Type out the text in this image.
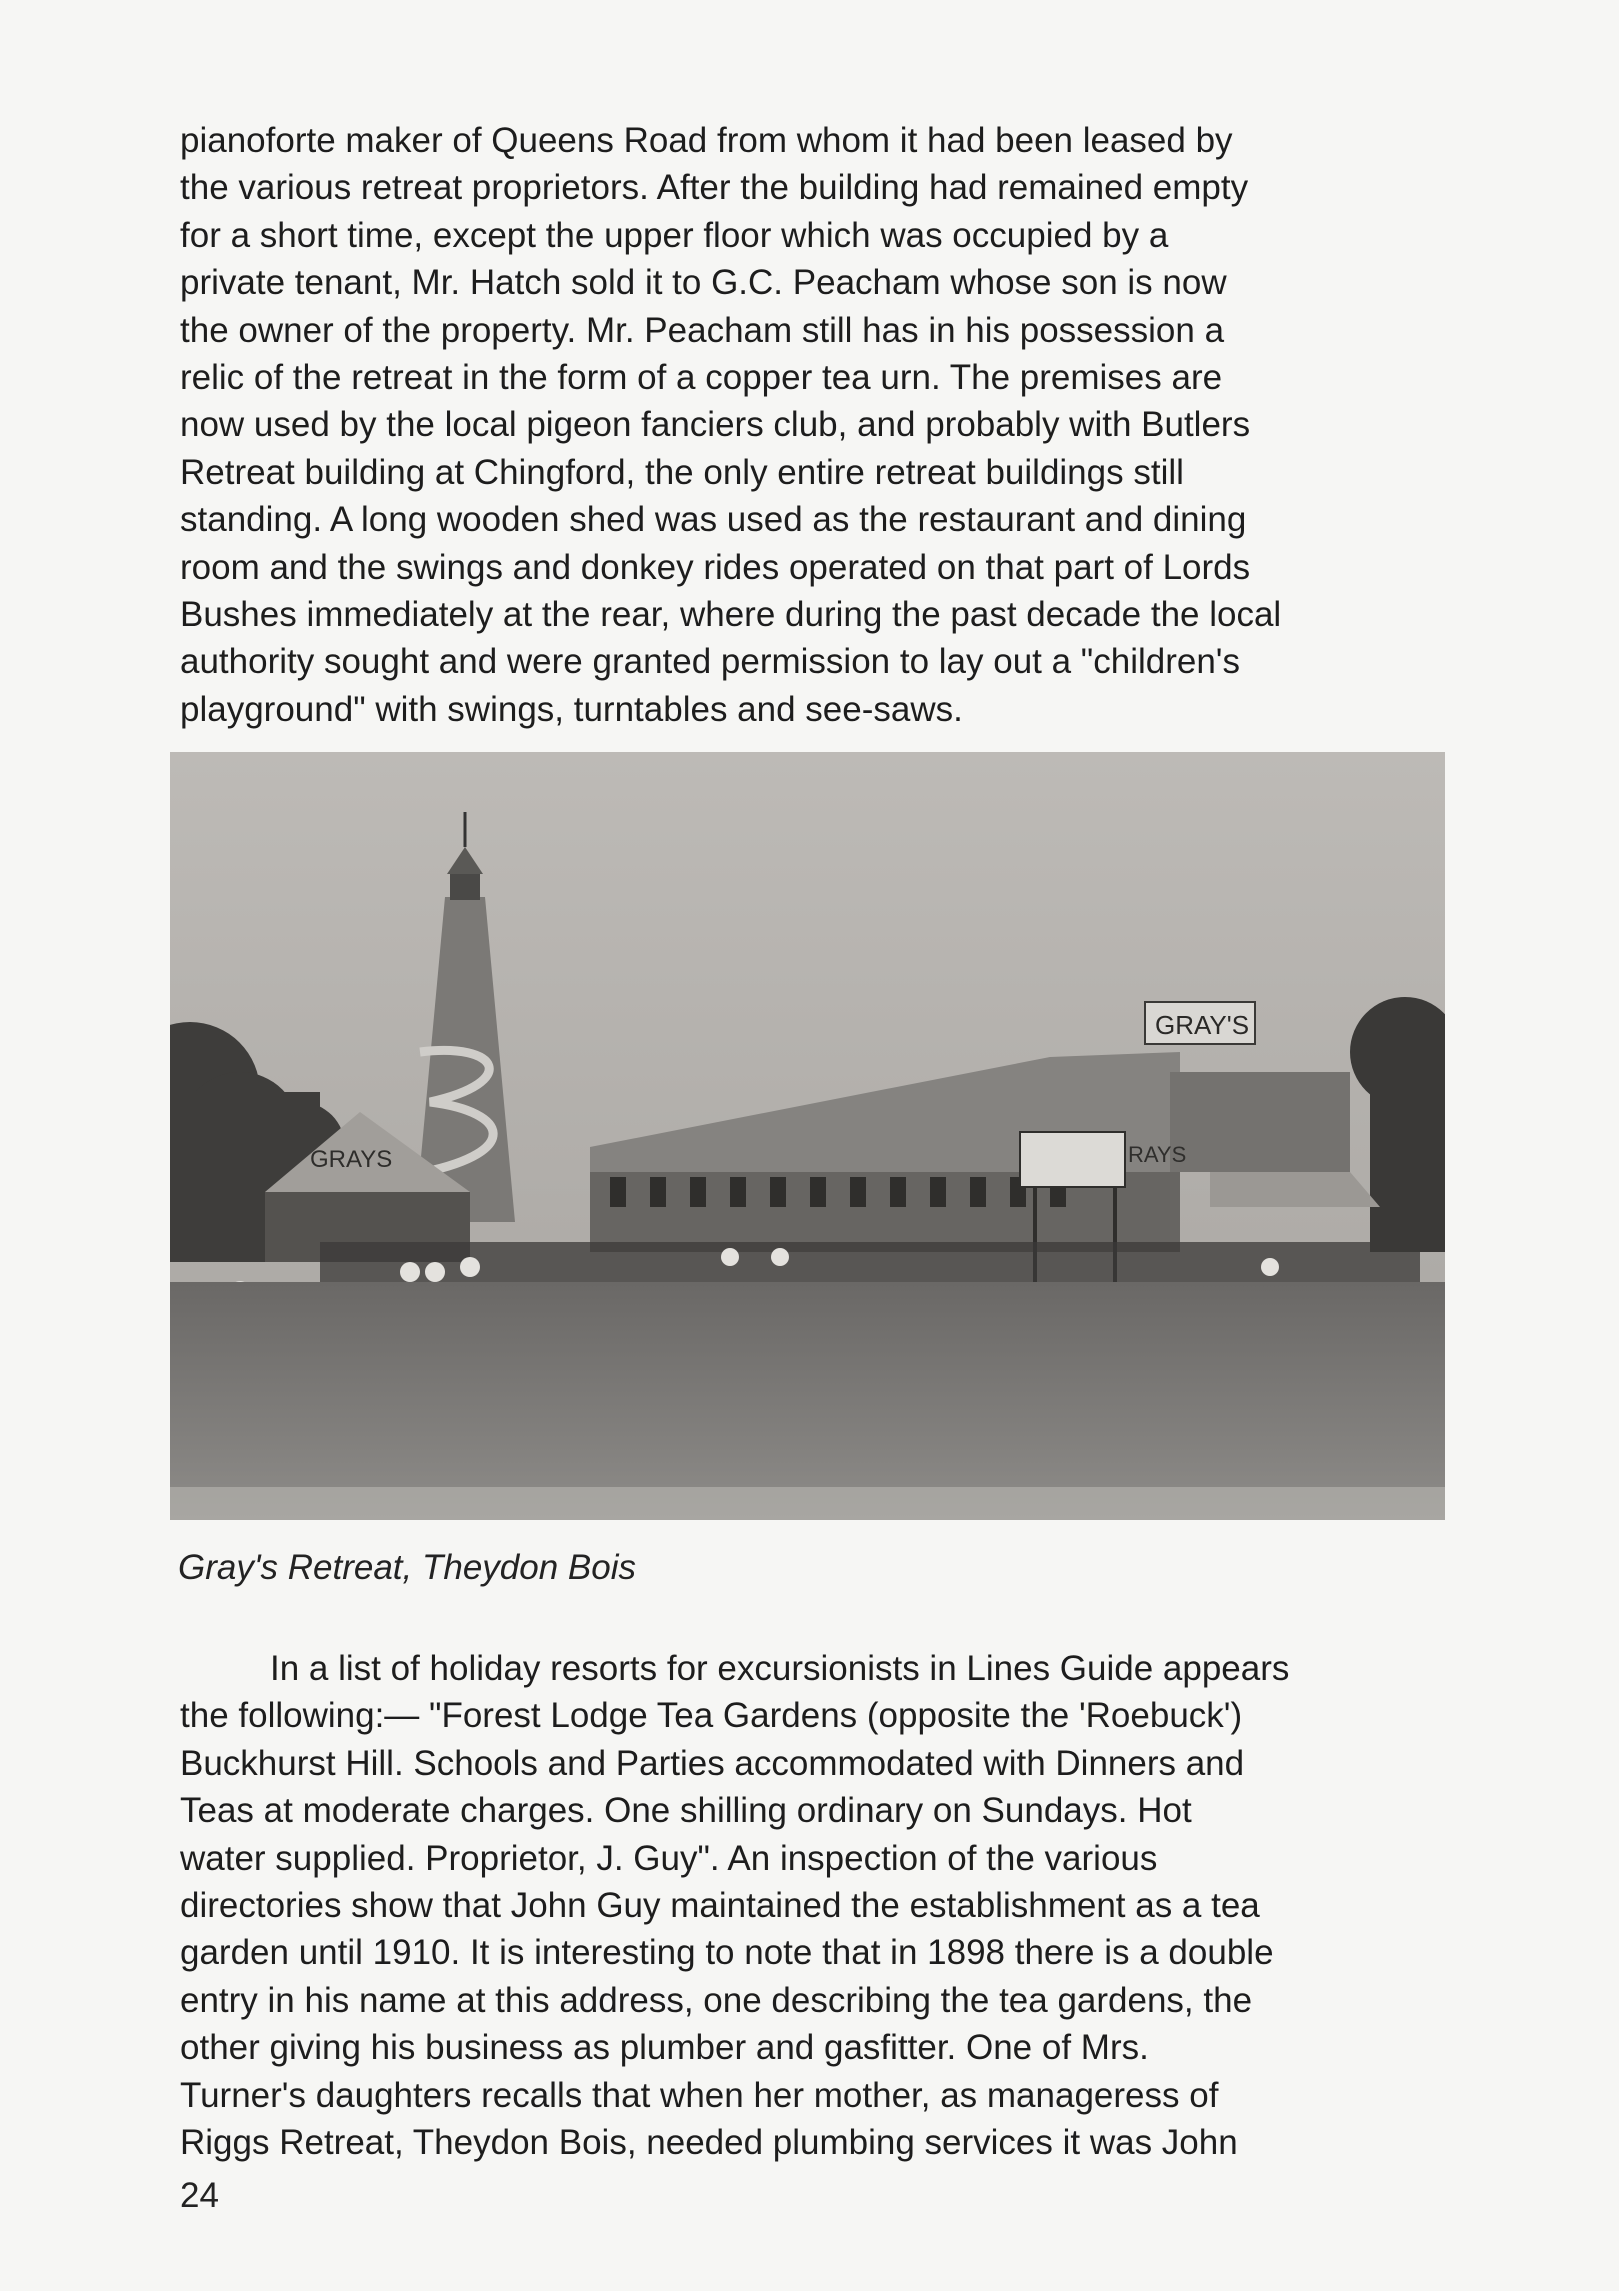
pianoforte maker of Queens Road from whom it had been leased by
the various retreat proprietors. After the building had remained empty
for a short time, except the upper floor which was occupied by a
private tenant, Mr. Hatch sold it to G.C. Peacham whose son is now
the owner of the property. Mr. Peacham still has in his possession a
relic of the retreat in the form of a copper tea urn. The premises are
now used by the local pigeon fanciers club, and probably with Butlers
Retreat building at Chingford, the only entire retreat buildings still
standing. A long wooden shed was used as the restaurant and dining
room and the swings and donkey rides operated on that part of Lords
Bushes immediately at the rear, where during the past decade the local
authority sought and were granted permission to lay out a "children's
playground" with swings, turntables and see-saws.
GRAYS
GRAY'S
RAYS
Gray's Retreat, Theydon Bois
In a list of holiday resorts for excursionists in Lines Guide appears
the following:— "Forest Lodge Tea Gardens (opposite the 'Roebuck')
Buckhurst Hill. Schools and Parties accommodated with Dinners and
Teas at moderate charges. One shilling ordinary on Sundays. Hot
water supplied. Proprietor, J. Guy". An inspection of the various
directories show that John Guy maintained the establishment as a tea
garden until 1910. It is interesting to note that in 1898 there is a double
entry in his name at this address, one describing the tea gardens, the
other giving his business as plumber and gasfitter. One of Mrs.
Turner's daughters recalls that when her mother, as manageress of
Riggs Retreat, Theydon Bois, needed plumbing services it was John
24
